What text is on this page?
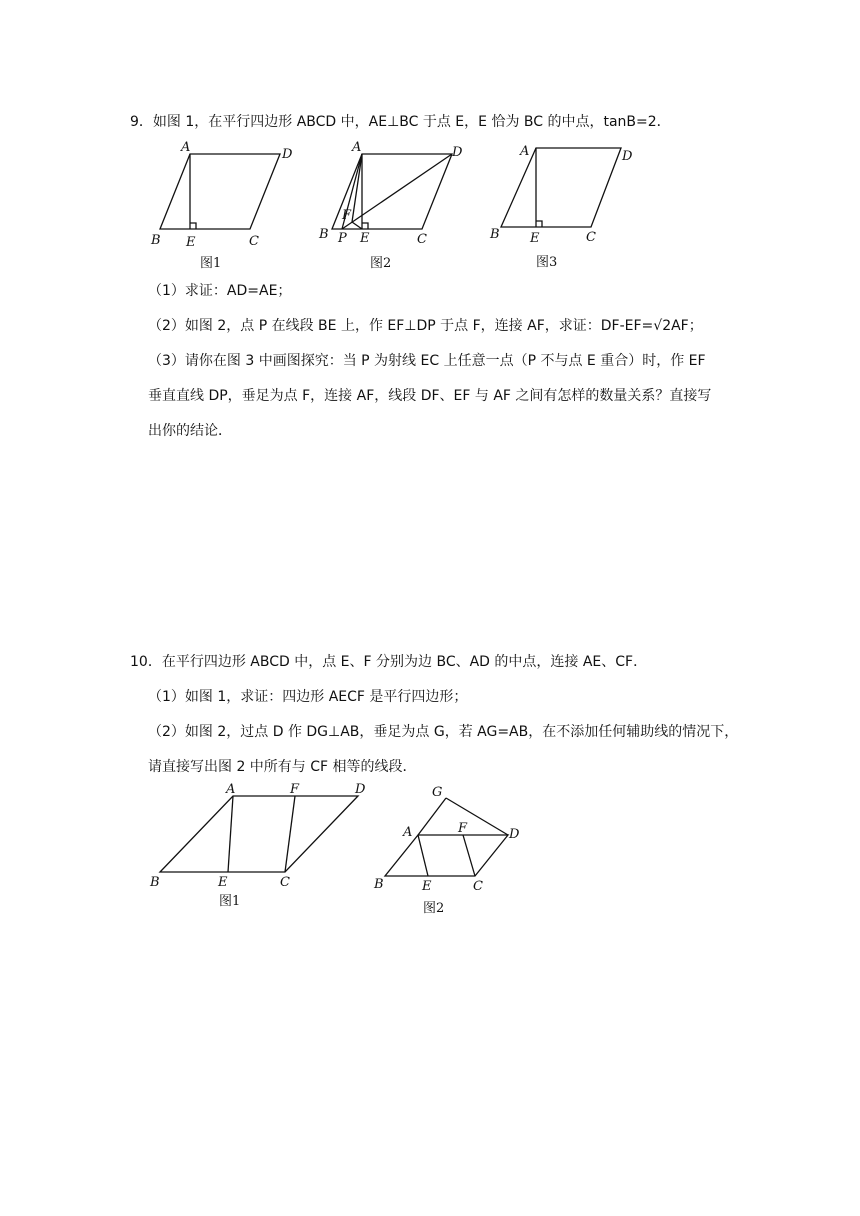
9．如图 1，在平行四边形 ABCD 中，AE⊥BC 于点 E，E 恰为 BC 的中点，tanB=2．
A	D
B E	C
图1
A	D
F
B P E	C
图2
A	D
B E	C
图3
（1）求证：AD=AE；
（2）如图 2，点 P 在线段 BE 上，作 EF⊥DP 于点 F，连接 AF，求证：DF-EF=√2AF；
（3）请你在图 3 中画图探究：当 P 为射线 EC 上任意一点（P 不与点 E 重合）时，作 EF
垂直直线 DP，垂足为点 F，连接 AF，线段 DF、EF 与 AF 之间有怎样的数量关系？直接写
出你的结论．
10．在平行四边形 ABCD 中，点 E、F 分别为边 BC、AD 的中点，连接 AE、CF．
（1）如图 1，求证：四边形 AECF 是平行四边形；
（2）如图 2，过点 D 作 DG⊥AB，垂足为点 G，若 AG=AB，在不添加任何辅助线的情况下，
请直接写出图 2 中所有与 CF 相等的线段．
A	F	D
B	E	C
图1
G
A	F	D
B	E	C
图2
